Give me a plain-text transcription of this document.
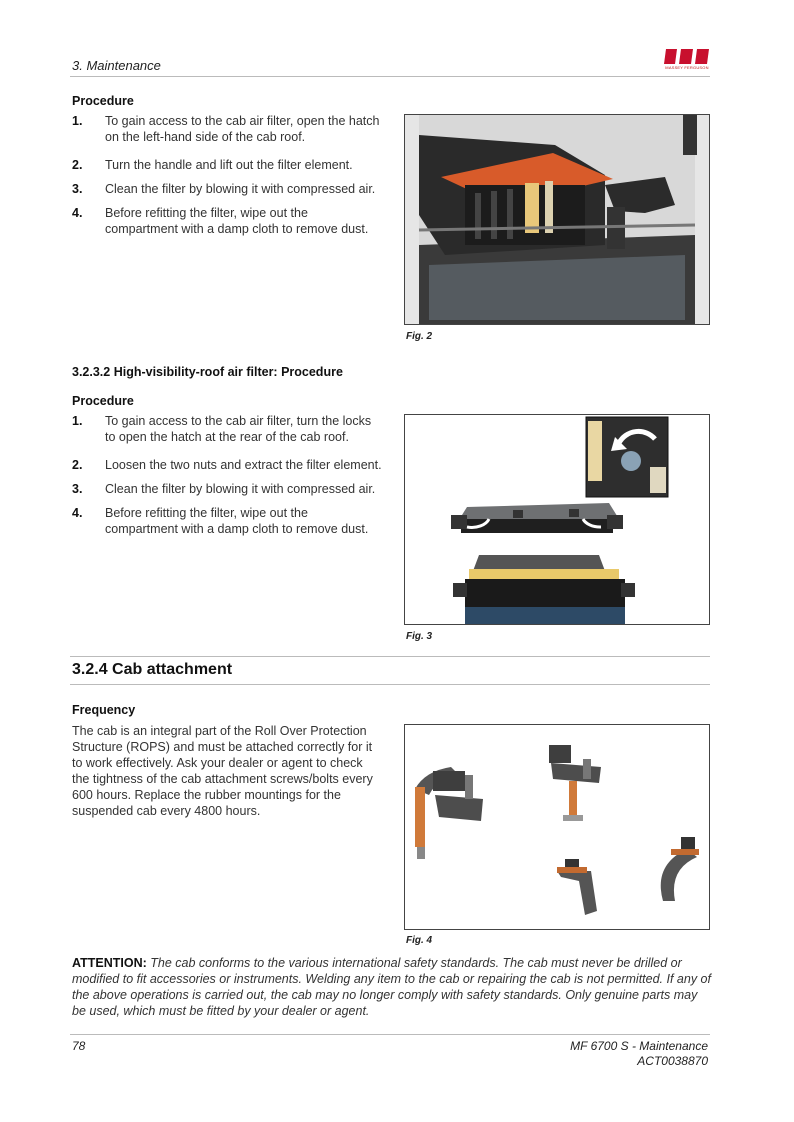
3. Maintenance	MASSEY FERGUSON
Procedure
1. To gain access to the cab air filter, open the hatch on the left-hand side of the cab roof.
2. Turn the handle and lift out the filter element.
3. Clean the filter by blowing it with compressed air.
4. Before refitting the filter, wipe out the compartment with a damp cloth to remove dust.
Fig. 2
3.2.3.2 High-visibility-roof air filter: Procedure
Procedure
1. To gain access to the cab air filter, turn the locks to open the hatch at the rear of the cab roof.
2. Loosen the two nuts and extract the filter element.
3. Clean the filter by blowing it with compressed air.
4. Before refitting the filter, wipe out the compartment with a damp cloth to remove dust.
Fig. 3
3.2.4 Cab attachment
Frequency
The cab is an integral part of the Roll Over Protection Structure (ROPS) and must be attached correctly for it to work effectively. Ask your dealer or agent to check the tightness of the cab attachment screws/bolts every 600 hours. Replace the rubber mountings for the suspended cab every 4800 hours.
Fig. 4
ATTENTION: The cab conforms to the various international safety standards. The cab must never be drilled or modified to fit accessories or instruments. Welding any item to the cab or repairing the cab is not permitted. If any of the above operations is carried out, the cab may no longer comply with safety standards. Only genuine parts may be used, which must be fitted by your dealer or agent.
78	MF 6700 S - Maintenance
ACT0038870
